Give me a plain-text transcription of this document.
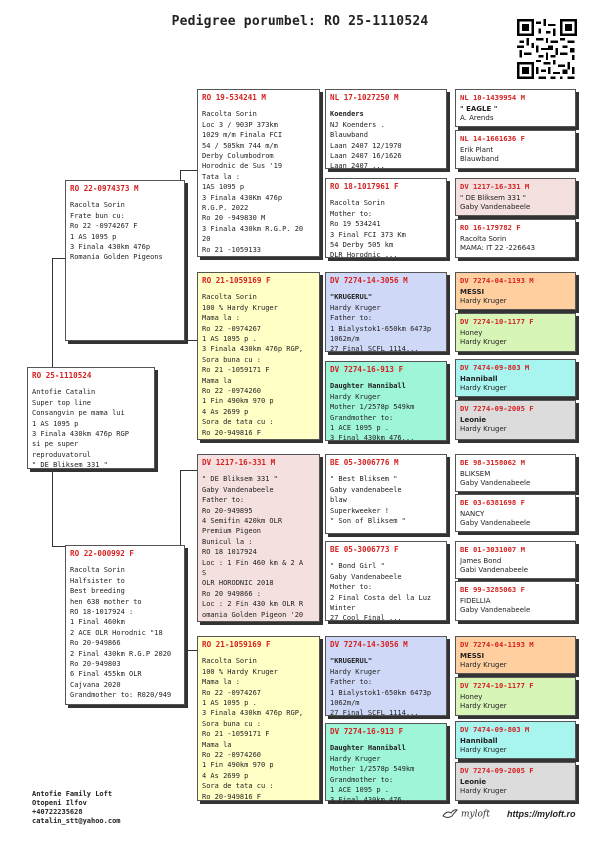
Pedigree porumbel: RO 25-1110524
RO 25-1110524
Antofie Catalin
Super top line
Consangvin pe mama lui
1 AS 1095 p
3 Finala 430km 476p RGP
si pe super
reproduvatorul
" DE Bliksem 331 "
RO 22-0974373 M
Racolta Sorin
Frate bun cu:
Ro 22 -0974267 F
1 AS 1095 p
3 Finala 430km 476p
Romania Golden Pigeons
RO 22-000992 F
Racolta Sorin
Halfsister to
Best breeding
hen 638 mother to
RO 18-1017924 :
1 Final 460km
2 ACE OLR Horodnic "18
Ro 20-949866
2 Final 430km R.G.P 2020
Ro 20-949803
6 Final 455km OLR
Cajvana 2020
Grandmother to: R020/949
---
RO 19-534241 M
Racolta Sorin
Loc 3 / 903P 373km
1029 m/m Finala FCI
54 / 505km 744 m/m
Derby Columbodrom
Horodnic de Sus '19
Tata la :
1AS 1095 p
3 Finala 430Km 476p
R.G.P. 2022
Ro 20 -949830 M
3 Finala 430km R.G.P. 20
20
Ro 21 -1059133
RO 21-1059169 F
Racolta Sorin
100 % Hardy Kruger
Mama la :
Ro 22 -0974267
1 AS 1095 p .
3 Finala 430km 476p RGP,
Sora buna cu :
Ro 21 -1059171 F
Mama la
Ro 22 -0974260
1 Fin 490km 970 p
4 As 2699 p
Sora de tata cu :
Ro 20-949816 F
DV 1217-16-331 M
" DE Bliksem 331 "
Gaby Vandenabeele
Father to:
Ro 20-949895
4 Semifin 420km OLR
Premium Pigeon
Bunicul la :
RO 18 1017924
Loc : 1 Fin 460 km & 2 A
S
OLR HORODNIC 2018
Ro 20 949866 :
Loc : 2 Fin 430 km OLR R
omania Golden Pigeon '20
RO 21-1059169 F
Racolta Sorin
100 % Hardy Kruger
Mama la :
Ro 22 -0974267
1 AS 1095 p .
3 Finala 430km 476p RGP,
Sora buna cu :
Ro 21 -1059171 F
Mama la
Ro 22 -0974260
1 Fin 490km 970 p
4 As 2699 p
Sora de tata cu :
Ro 20-949816 F
NL 17-1027250 M
Koenders
NJ Koenders .
Blauwband
Laan 2407 12/1970
Laan 2407 16/1626
Laan 2407 ...
RO 18-1017961 F
Racolta Sorin
Mother to:
Ro 19 534241
3 Final FCI 373 Km
54 Derby 505 km
DLR Horodnic ...
DV 7274-14-3056 M
"KRUGERUL"
Hardy Kruger
Father to:
1 Bialystok1-650km 6473p
1062m/m
27 Final SCFL 1114...
DV 7274-16-913 F
Daughter Hanniball
Hardy Kruger
Mother 1/2578p 549km
Grandmother to:
1 ACE 1095 p .
3 Final 430km 476...
BE 05-3006776 M
" Best Bliksem "
Gaby vandenabeele
blaw
Superkweeker !
" Son of Bliksem "
BE 05-3006773 F
" Bond Girl "
Gaby Vandenabeele
Mother to:
2 Final Costa del la Luz
Winter
27 Cool Final ...
DV 7274-14-3056 M
"KRUGERUL"
Hardy Kruger
Father to:
1 Bialystok1-650km 6473p
1062m/m
27 Final SCFL 1114...
DV 7274-16-913 F
Daughter Hanniball
Hardy Kruger
Mother 1/2578p 549km
Grandmother to:
1 ACE 1095 p .
3 Final 430km 476...
NL 10-1439954 M
" EAGLE "
A. Arends
NL 14-1661636 F
Erik Plant
Blauwband
DV 1217-16-331 M
" DE Bliksem 331 "
Gaby Vandenabeele
RO 16-179782 F
Racolta Sorin
MAMA: IT 22 -226643
DV 7274-04-1193 M
MESSI
Hardy Kruger
DV 7274-10-1177 F
Honey
Hardy Kruger
DV 7474-09-803 M
Hanniball
Hardy Kruger
DV 7274-09-2005 F
Leonie
Hardy Kruger
BE 98-3158062 M
BLIKSEM
Gaby Vandenabeele
BE 03-6381698 F
NANCY
Gaby Vandenabeele
BE 01-3031007 M
James Bond
Gabi Vandenabeele
BE 99-3285063 F
FIDELLIA
Gaby Vandenabeele
DV 7274-04-1193 M
MESSI
Hardy Kruger
DV 7274-10-1177 F
Honey
Hardy Kruger
DV 7474-09-803 M
Hanniball
Hardy Kruger
DV 7274-09-2005 F
Leonie
Hardy Kruger
Antofie Family Loft
Otopeni Ilfov
+40722235628
catalin_stt@yahoo.com
myloft https://myloft.ro
